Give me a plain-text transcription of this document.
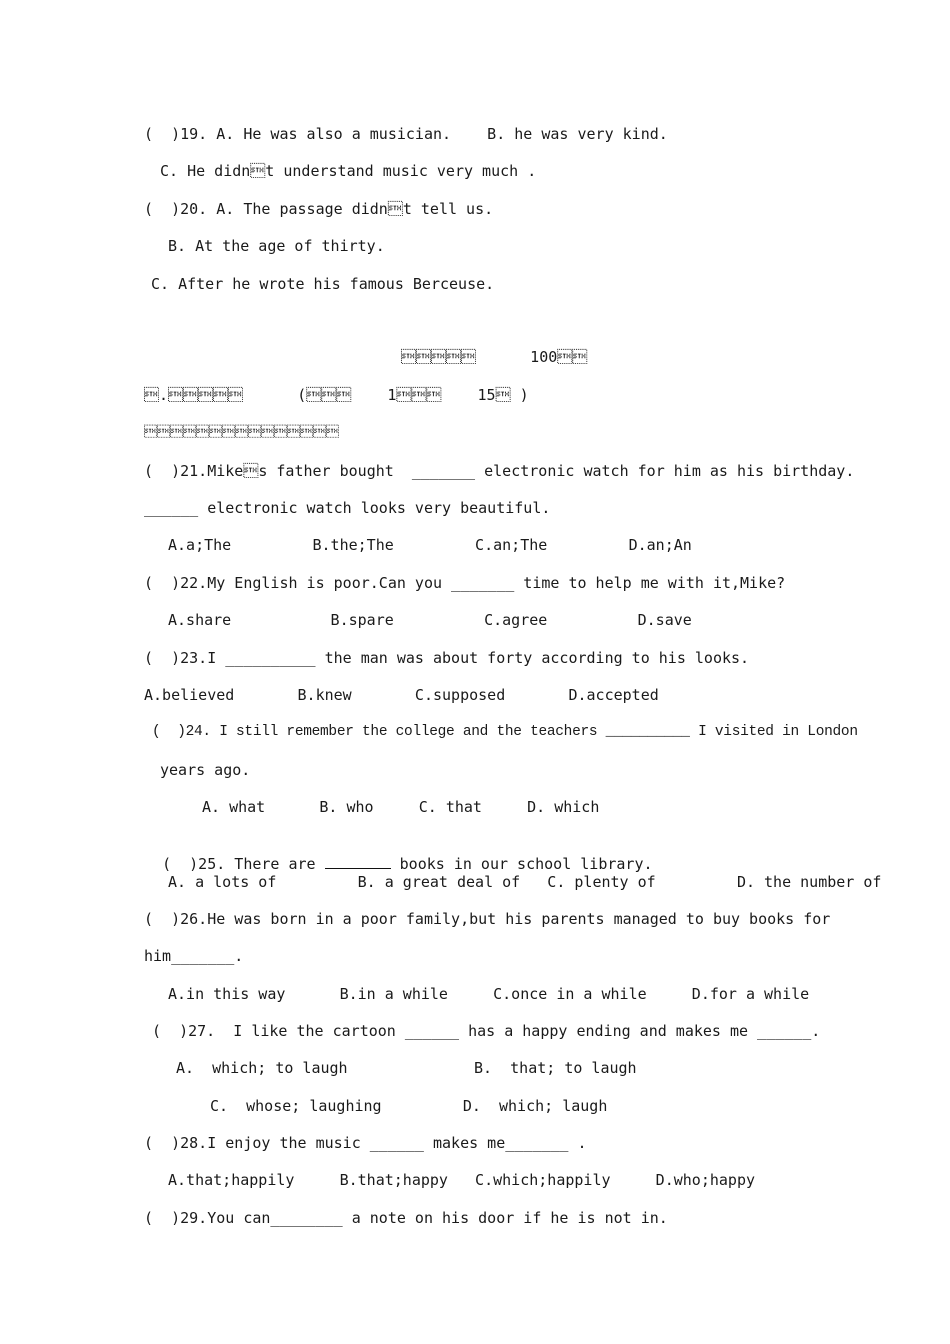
(  )19. A. He was also a musician.    B. he was very kind.
C. He didnt understand music very much .
(  )20. A. The passage didnt tell us.
B. At the age of thirty.
C. After he wrote his famous Berceuse.
      100
.      (    1    15 )

(  )21.Mikes father bought  _______ electronic watch for him as his birthday.
______ electronic watch looks very beautiful.
A.a;The         B.the;The         C.an;The         D.an;An
(  )22.My English is poor.Can you _______ time to help me with it,Mike?
A.share           B.spare          C.agree          D.save
(  )23.I __________ the man was about forty according to his looks.
A.believed       B.knew       C.supposed       D.accepted
(  )24. I still remember the college and the teachers __________ I visited in London
years ago.
A. what      B. who     C. that     D. which

(  )25. There are	books in our school library.

A. a lots of         B. a great deal of   C. plenty of         D. the number of
(  )26.He was born in a poor family,but his parents managed to buy books for
him_______.
A.in this way      B.in a while     C.once in a while     D.for a while
(  )27.  I like the cartoon ______ has a happy ending and makes me ______.
A.  which; to laugh              B.  that; to laugh
C.  whose; laughing         D.  which; laugh
(  )28.I enjoy the music ______ makes me_______ .
A.that;happily     B.that;happy   C.which;happily     D.who;happy
(  )29.You can________ a note on his door if he is not in.
